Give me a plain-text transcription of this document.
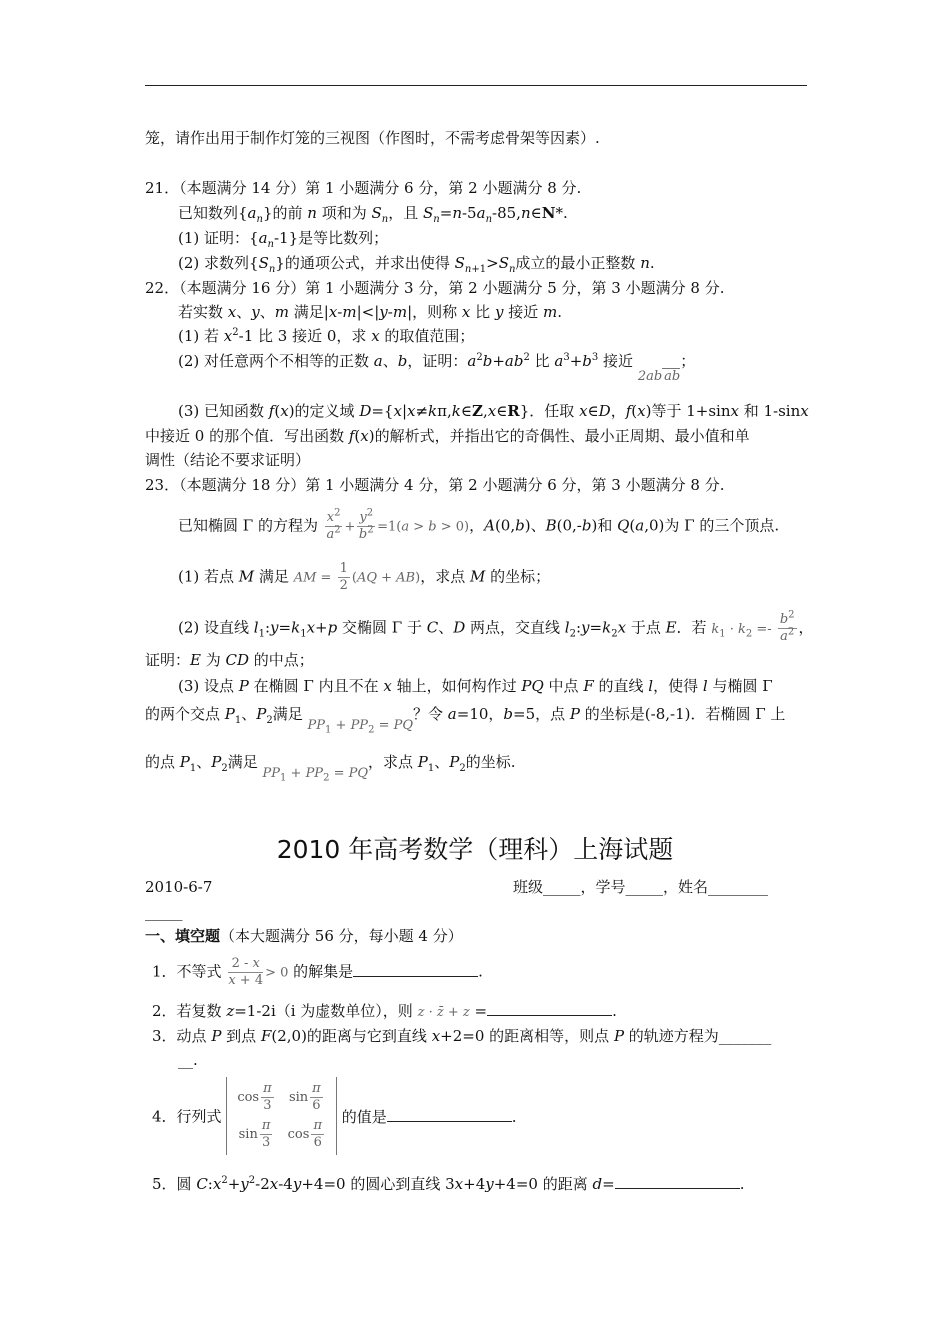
笼，请作出用于制作灯笼的三视图（作图时，不需考虑骨架等因素）.
21．（本题满分 14 分）第 1 小题满分 6 分，第 2 小题满分 8 分.
已知数列$\{a_n\}$的前 n 项和为 $S_n$，且 $S_n=n-5a_n-85,n\in N*$.
(1) 证明：$\{a_n-1\}$是等比数列；
(2) 求数列$\{S_n\}$的通项公式，并求出使得 $S_{n+1}>S_n$成立的最小正整数 n.
22．（本题满分 16 分）第 1 小题满分 3 分，第 2 小题满分 5 分，第 3 小题满分 8 分.
若实数 x、y、m 满足|x-m|<|y-m|，则称 x 比 y 接近 m.
(1) 若 $x^2-1$ 比 3 接近 0，求 x 的取值范围；
(2) 对任意两个不相等的正数 a、b，证明：$a^2b+ab^2$ 比 $a^3+b^3$ 接近 2ab ab；
(3) 已知函数 f(x)的定义域 D={x|x≠kπ,k∈Z,x∈R}．任取 x∈D，f(x)等于 1+sinx 和 1-sinx
中接近 0 的那个值．写出函数 f(x)的解析式，并指出它的奇偶性、最小正周期、最小值和单
调性（结论不要求证明）
23．（本题满分 18 分）第 1 小题满分 4 分，第 2 小题满分 6 分，第 3 小题满分 8 分.
已知椭圆 Γ 的方程为 $\frac{x^2}{a^2} + \frac{y^2}{b^2} =1(a > b > 0)$，A(0,b)、B(0,-b)和 Q(a,0)为 Γ 的三个顶点.
(1) 若点 M 满足 AM = $\frac{1}{2} (AQ + AB)$，求点 M 的坐标；
(2) 设直线 $l_1:y=k_1x+p$ 交椭圆 Γ 于 C、D 两点，交直线 $l_2:y=k_2x$ 于点 E．若 $k_1 \cdot k_2 =- \frac{b^2}{a^2}$ ，
证明：E 为 CD 的中点；
(3) 设点 P 在椭圆 Γ 内且不在 x 轴上，如何构作过 PQ 中点 F 的直线 l，使得 l 与椭圆 Γ
的两个交点 $P_1$、$P_2$满足 $PP_1 + PP_2$ = PQ？令 a=10，b=5，点 P 的坐标是(-8,-1)．若椭圆 Γ 上
的点 $P_1$、$P_2$满足 $PP_1 + PP_2$ = PQ，求点 $P_1$、$P_2$的坐标.
2010 年高考数学（理科）上海试题
2010-6-7	班级_____，学号_____，姓名________
_____
一、填空题（本大题满分 56 分，每小题 4 分）
1．不等式 $\frac{2 - x}{x + 4} > 0$ 的解集是	.
2．若复数 z=1-2i（i 为虚数单位），则 z · z̄ + z =	.
3．动点 P 到点 F(2,0)的距离与它到直线 x+2=0 的距离相等，则点 P 的轨迹方程为_______
__.
4．行列式
$\cos \frac{\pi}{3}$	$\sin \frac{\pi}{6}$

$\sin \frac{\pi}{3}$	$\cos \frac{\pi}{6}$
的值是	.
5．圆 $C:x^2+y^2-2x-4y+4=0$ 的圆心到直线 3x+4y+4=0 的距离 d=	.
